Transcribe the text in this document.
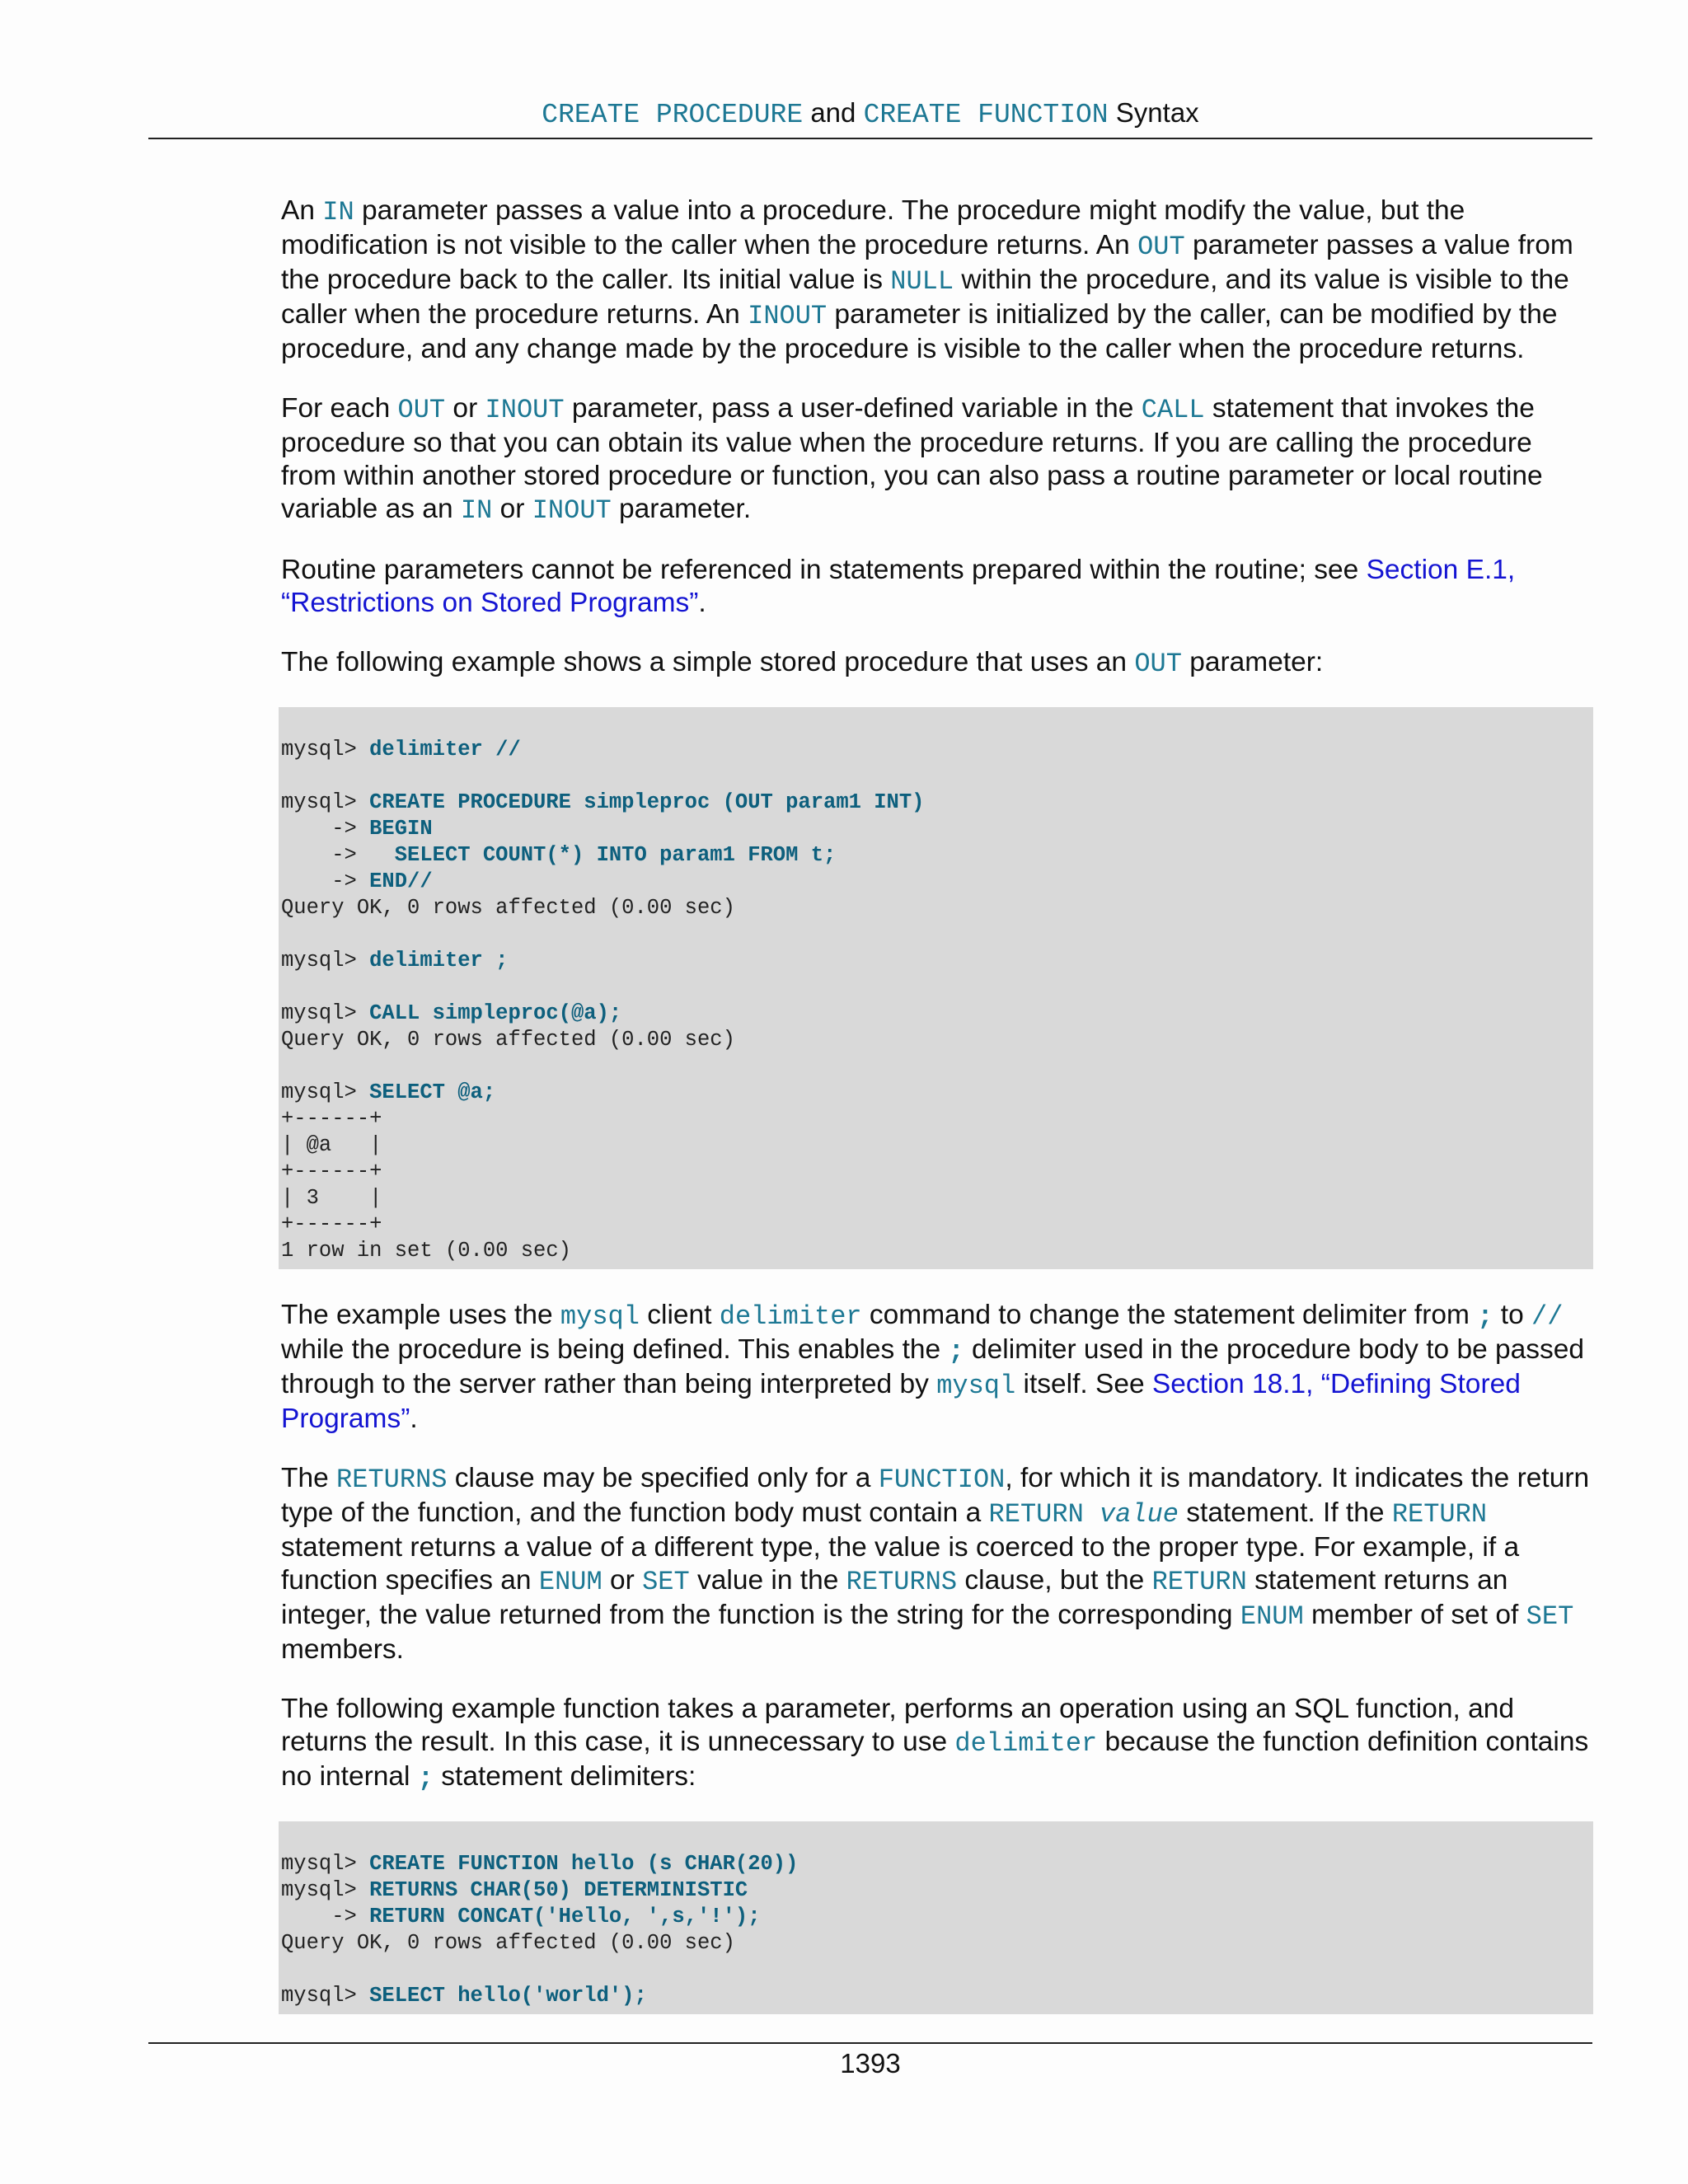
CREATE PROCEDURE and CREATE FUNCTION Syntax

An IN parameter passes a value into a procedure. The procedure might modify the value, but the modification is not visible to the caller when the procedure returns. An OUT parameter passes a value from the procedure back to the caller. Its initial value is NULL within the procedure, and its value is visible to the caller when the procedure returns. An INOUT parameter is initialized by the caller, can be modified by the procedure, and any change made by the procedure is visible to the caller when the procedure returns.

For each OUT or INOUT parameter, pass a user-defined variable in the CALL statement that invokes the procedure so that you can obtain its value when the procedure returns. If you are calling the procedure from within another stored procedure or function, you can also pass a routine parameter or local routine variable as an IN or INOUT parameter.

Routine parameters cannot be referenced in statements prepared within the routine; see Section E.1, “Restrictions on Stored Programs”.

The following example shows a simple stored procedure that uses an OUT parameter:

mysql> delimiter //
mysql> CREATE PROCEDURE simpleproc (OUT param1 INT)
-> BEGIN
->   SELECT COUNT(*) INTO param1 FROM t;
-> END//
Query OK, 0 rows affected (0.00 sec)
mysql> delimiter ;
mysql> CALL simpleproc(@a);
Query OK, 0 rows affected (0.00 sec)
mysql> SELECT @a;
+------+
| @a   |
+------+
| 3    |
+------+
1 row in set (0.00 sec)

The example uses the mysql client delimiter command to change the statement delimiter from ; to // while the procedure is being defined. This enables the ; delimiter used in the procedure body to be passed through to the server rather than being interpreted by mysql itself. See Section 18.1, “Defining Stored Programs”.

The RETURNS clause may be specified only for a FUNCTION, for which it is mandatory. It indicates the return type of the function, and the function body must contain a RETURN value statement. If the RETURN statement returns a value of a different type, the value is coerced to the proper type. For example, if a function specifies an ENUM or SET value in the RETURNS clause, but the RETURN statement returns an integer, the value returned from the function is the string for the corresponding ENUM member of set of SET members.

The following example function takes a parameter, performs an operation using an SQL function, and returns the result. In this case, it is unnecessary to use delimiter because the function definition contains no internal ; statement delimiters:

mysql> CREATE FUNCTION hello (s CHAR(20))
mysql> RETURNS CHAR(50) DETERMINISTIC
-> RETURN CONCAT('Hello, ',s,'!');
Query OK, 0 rows affected (0.00 sec)
mysql> SELECT hello('world');
1393
